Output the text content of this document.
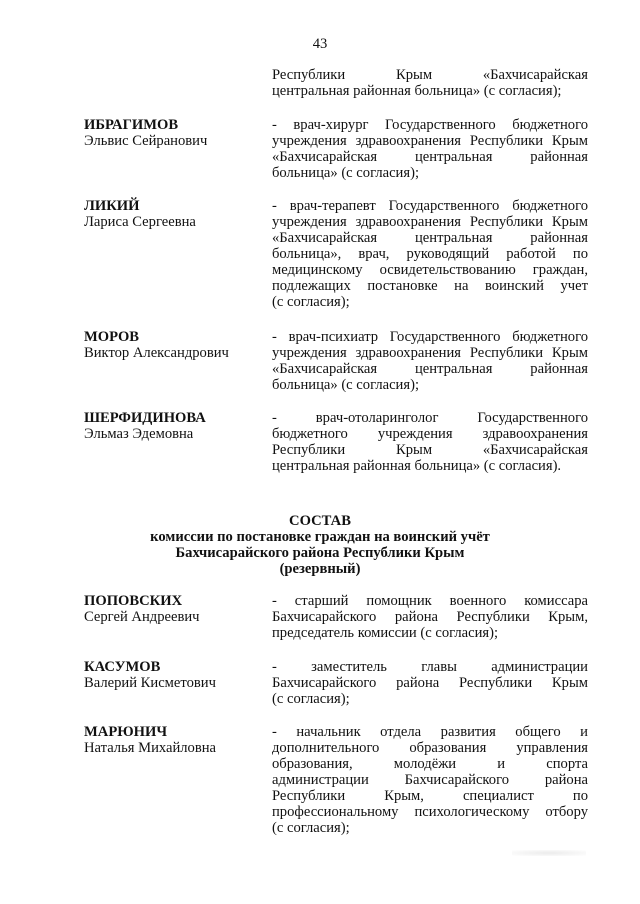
43
Республики Крым «Бахчисарайская
центральная районная больница» (с согласия);
ИБРАГИМОВ
Эльвис Сейранович
- врач-хирург Государственного бюджетного
учреждения здравоохранения Республики Крым
«Бахчисарайская центральная районная
больница» (с согласия);
ЛИКИЙ
Лариса Сергеевна
- врач-терапевт Государственного бюджетного
учреждения здравоохранения Республики Крым
«Бахчисарайская центральная районная
больница», врач, руководящий работой по
медицинскому освидетельствованию граждан,
подлежащих постановке на воинский учет
(с согласия);
МОРОВ
Виктор Александрович
- врач-психиатр Государственного бюджетного
учреждения здравоохранения Республики Крым
«Бахчисарайская центральная районная
больница» (с согласия);
ШЕРФИДИНОВА
Эльмаз Эдемовна
- врач-отоларинголог Государственного
бюджетного учреждения здравоохранения
Республики Крым «Бахчисарайская
центральная районная больница» (с согласия).
СОСТАВ
комиссии по постановке граждан на воинский учёт
Бахчисарайского района Республики Крым
(резервный)
ПОПОВСКИХ
Сергей Андреевич
- старший помощник военного комиссара
Бахчисарайского района Республики Крым,
председатель комиссии (с согласия);
КАСУМОВ
Валерий Кисметович
- заместитель главы администрации
Бахчисарайского района Республики Крым
(с согласия);
МАРЮНИЧ
Наталья Михайловна
- начальник отдела развития общего и
дополнительного образования управления
образования, молодёжи и спорта
администрации Бахчисарайского района
Республики Крым, специалист по
профессиональному психологическому отбору
(с согласия);
